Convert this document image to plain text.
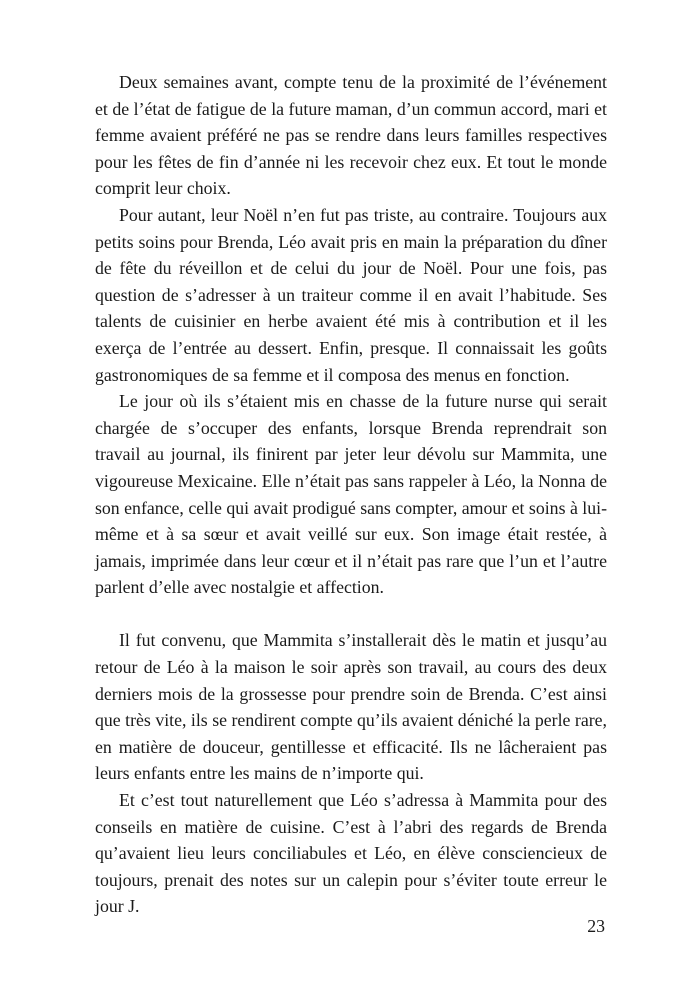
Deux semaines avant, compte tenu de la proximité de l’événement et de l’état de fatigue de la future maman, d’un commun accord, mari et femme avaient préféré ne pas se rendre dans leurs familles respectives pour les fêtes de fin d’année ni les recevoir chez eux. Et tout le monde comprit leur choix.

Pour autant, leur Noël n’en fut pas triste, au contraire. Toujours aux petits soins pour Brenda, Léo avait pris en main la préparation du dîner de fête du réveillon et de celui du jour de Noël. Pour une fois, pas question de s’adresser à un traiteur comme il en avait l’habitude. Ses talents de cuisinier en herbe avaient été mis à contribution et il les exerça de l’entrée au dessert. Enfin, presque. Il connaissait les goûts gastronomiques de sa femme et il composa des menus en fonction.

Le jour où ils s’étaient mis en chasse de la future nurse qui serait chargée de s’occuper des enfants, lorsque Brenda reprendrait son travail au journal, ils finirent par jeter leur dévolu sur Mammita, une vigoureuse Mexicaine. Elle n’était pas sans rappeler à Léo, la Nonna de son enfance, celle qui avait prodigué sans compter, amour et soins à lui-même et à sa sœur et avait veillé sur eux. Son image était restée, à jamais, imprimée dans leur cœur et il n’était pas rare que l’un et l’autre parlent d’elle avec nostalgie et affection.

Il fut convenu, que Mammita s’installerait dès le matin et jusqu’au retour de Léo à la maison le soir après son travail, au cours des deux derniers mois de la grossesse pour prendre soin de Brenda. C’est ainsi que très vite, ils se rendirent compte qu’ils avaient déniché la perle rare, en matière de douceur, gentillesse et efficacité. Ils ne lâcheraient pas leurs enfants entre les mains de n’importe qui.

Et c’est tout naturellement que Léo s’adressa à Mammita pour des conseils en matière de cuisine. C’est à l’abri des regards de Brenda qu’avaient lieu leurs conciliabules et Léo, en élève consciencieux de toujours, prenait des notes sur un calepin pour s’éviter toute erreur le jour J.

23
